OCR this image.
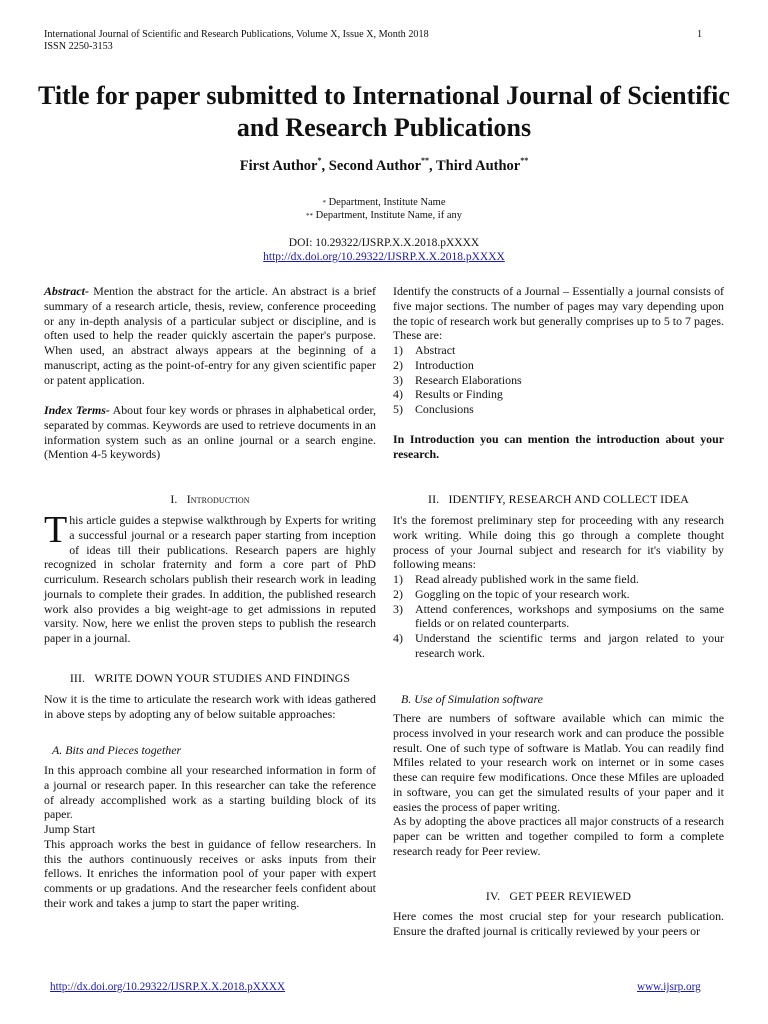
International Journal of Scientific and Research Publications, Volume X, Issue X, Month 2018
ISSN 2250-3153
1
Title for paper submitted to International Journal of Scientific and Research Publications
First Author*, Second Author**, Third Author**
* Department, Institute Name
** Department, Institute Name, if any
DOI: 10.29322/IJSRP.X.X.2018.pXXXX
http://dx.doi.org/10.29322/IJSRP.X.X.2018.pXXXX

Abstract- Mention the abstract for the article. An abstract is a brief summary of a research article, thesis, review, conference proceeding or any in-depth analysis of a particular subject or discipline, and is often used to help the reader quickly ascertain the paper's purpose. When used, an abstract always appears at the beginning of a manuscript, acting as the point-of-entry for any given scientific paper or patent application.

Index Terms- About four key words or phrases in alphabetical order, separated by commas. Keywords are used to retrieve documents in an information system such as an online journal or a search engine. (Mention 4-5 keywords)

I. Introduction

This article guides a stepwise walkthrough by Experts for writing a successful journal or a research paper starting from inception of ideas till their publications. Research papers are highly recognized in scholar fraternity and form a core part of PhD curriculum. Research scholars publish their research work in leading journals to complete their grades. In addition, the published research work also provides a big weight-age to get admissions in reputed varsity. Now, here we enlist the proven steps to publish the research paper in a journal.

III. WRITE DOWN YOUR STUDIES AND FINDINGS
Now it is the time to articulate the research work with ideas gathered in above steps by adopting any of below suitable approaches:
A. Bits and Pieces together

In this approach combine all your researched information in form of a journal or research paper. In this researcher can take the reference of already accomplished work as a starting building block of its paper.

Jump Start

This approach works the best in guidance of fellow researchers. In this the authors continuously receives or asks inputs from their fellows. It enriches the information pool of your paper with expert comments or up gradations. And the researcher feels confident about their work and takes a jump to start the paper writing.

Identify the constructs of a Journal – Essentially a journal consists of five major sections. The number of pages may vary depending upon the topic of research work but generally comprises up to 5 to 7 pages. These are:

1)	Abstract
2)	Introduction
3)	Research Elaborations
4)	Results or Finding
5)	Conclusions
In Introduction you can mention the introduction about your research.
II. IDENTIFY, RESEARCH AND COLLECT IDEA

It's the foremost preliminary step for proceeding with any research work writing. While doing this go through a complete thought process of your Journal subject and research for it's viability by following means:

1)	Read already published work in the same field.
2)	Goggling on the topic of your research work.
3)	Attend conferences, workshops and symposiums on the same fields or on related counterparts.
4)	Understand the scientific terms and jargon related to your research work.
B. Use of Simulation software

There are numbers of software available which can mimic the process involved in your research work and can produce the possible result. One of such type of software is Matlab. You can readily find Mfiles related to your research work on internet or in some cases these can require few modifications. Once these Mfiles are uploaded in software, you can get the simulated results of your paper and it easies the process of paper writing.

As by adopting the above practices all major constructs of a research paper can be written and together compiled to form a complete research ready for Peer review.

IV. GET PEER REVIEWED
Here comes the most crucial step for your research publication. Ensure the drafted journal is critically reviewed by your peers or
http://dx.doi.org/10.29322/IJSRP.X.X.2018.pXXXX	www.ijsrp.org
